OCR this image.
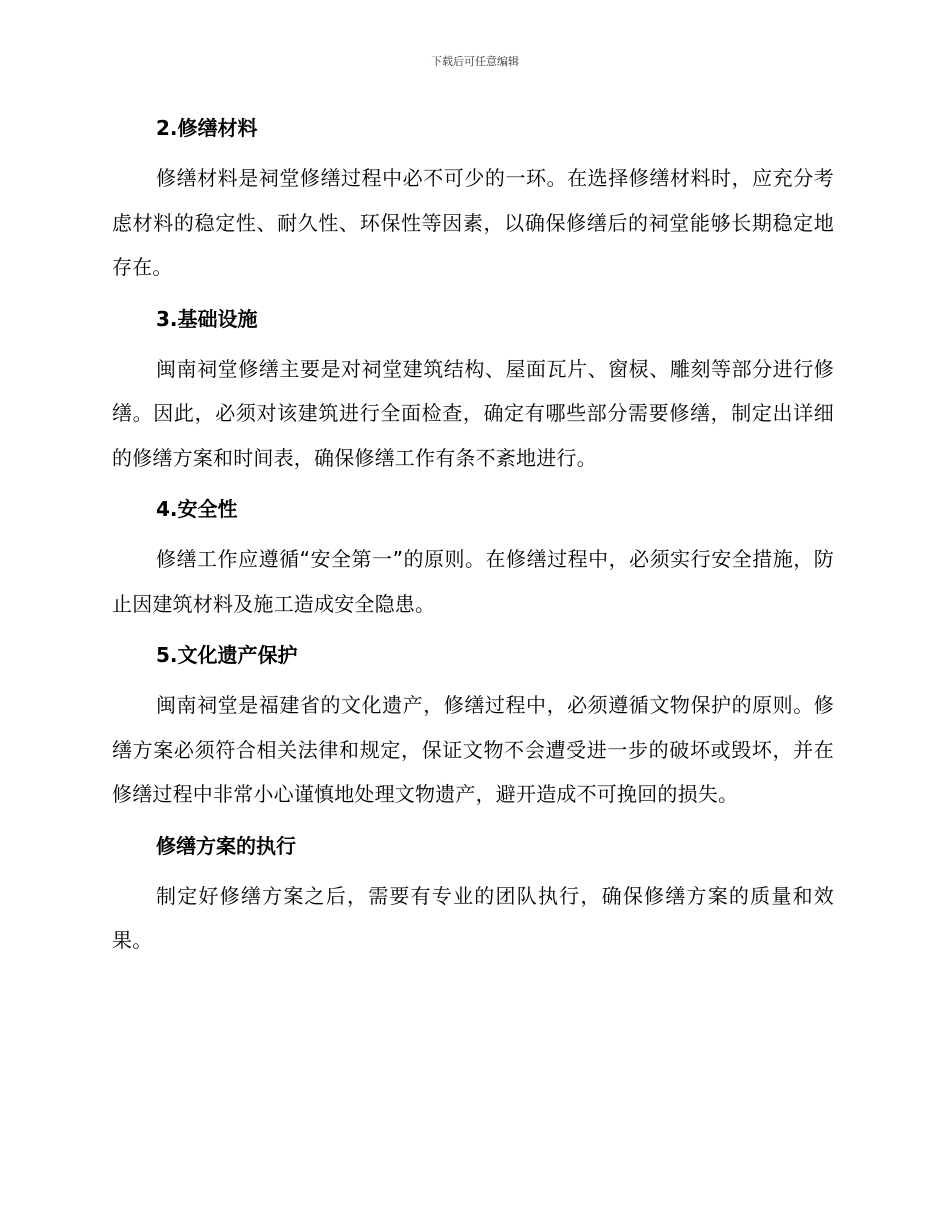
下载后可任意编辑
2.修缮材料

修缮材料是祠堂修缮过程中必不可少的一环。在选择修缮材料时，应充分考虑材料的稳定性、耐久性、环保性等因素，以确保修缮后的祠堂能够长期稳定地存在。

3.基础设施

闽南祠堂修缮主要是对祠堂建筑结构、屋面瓦片、窗棂、雕刻等部分进行修缮。因此，必须对该建筑进行全面检查，确定有哪些部分需要修缮，制定出详细的修缮方案和时间表，确保修缮工作有条不紊地进行。

4.安全性

修缮工作应遵循“安全第一”的原则。在修缮过程中，必须实行安全措施，防止因建筑材料及施工造成安全隐患。

5.文化遗产保护

闽南祠堂是福建省的文化遗产，修缮过程中，必须遵循文物保护的原则。修缮方案必须符合相关法律和规定，保证文物不会遭受进一步的破坏或毁坏，并在修缮过程中非常小心谨慎地处理文物遗产，避开造成不可挽回的损失。

修缮方案的执行

制定好修缮方案之后，需要有专业的团队执行，确保修缮方案的质量和效果。
